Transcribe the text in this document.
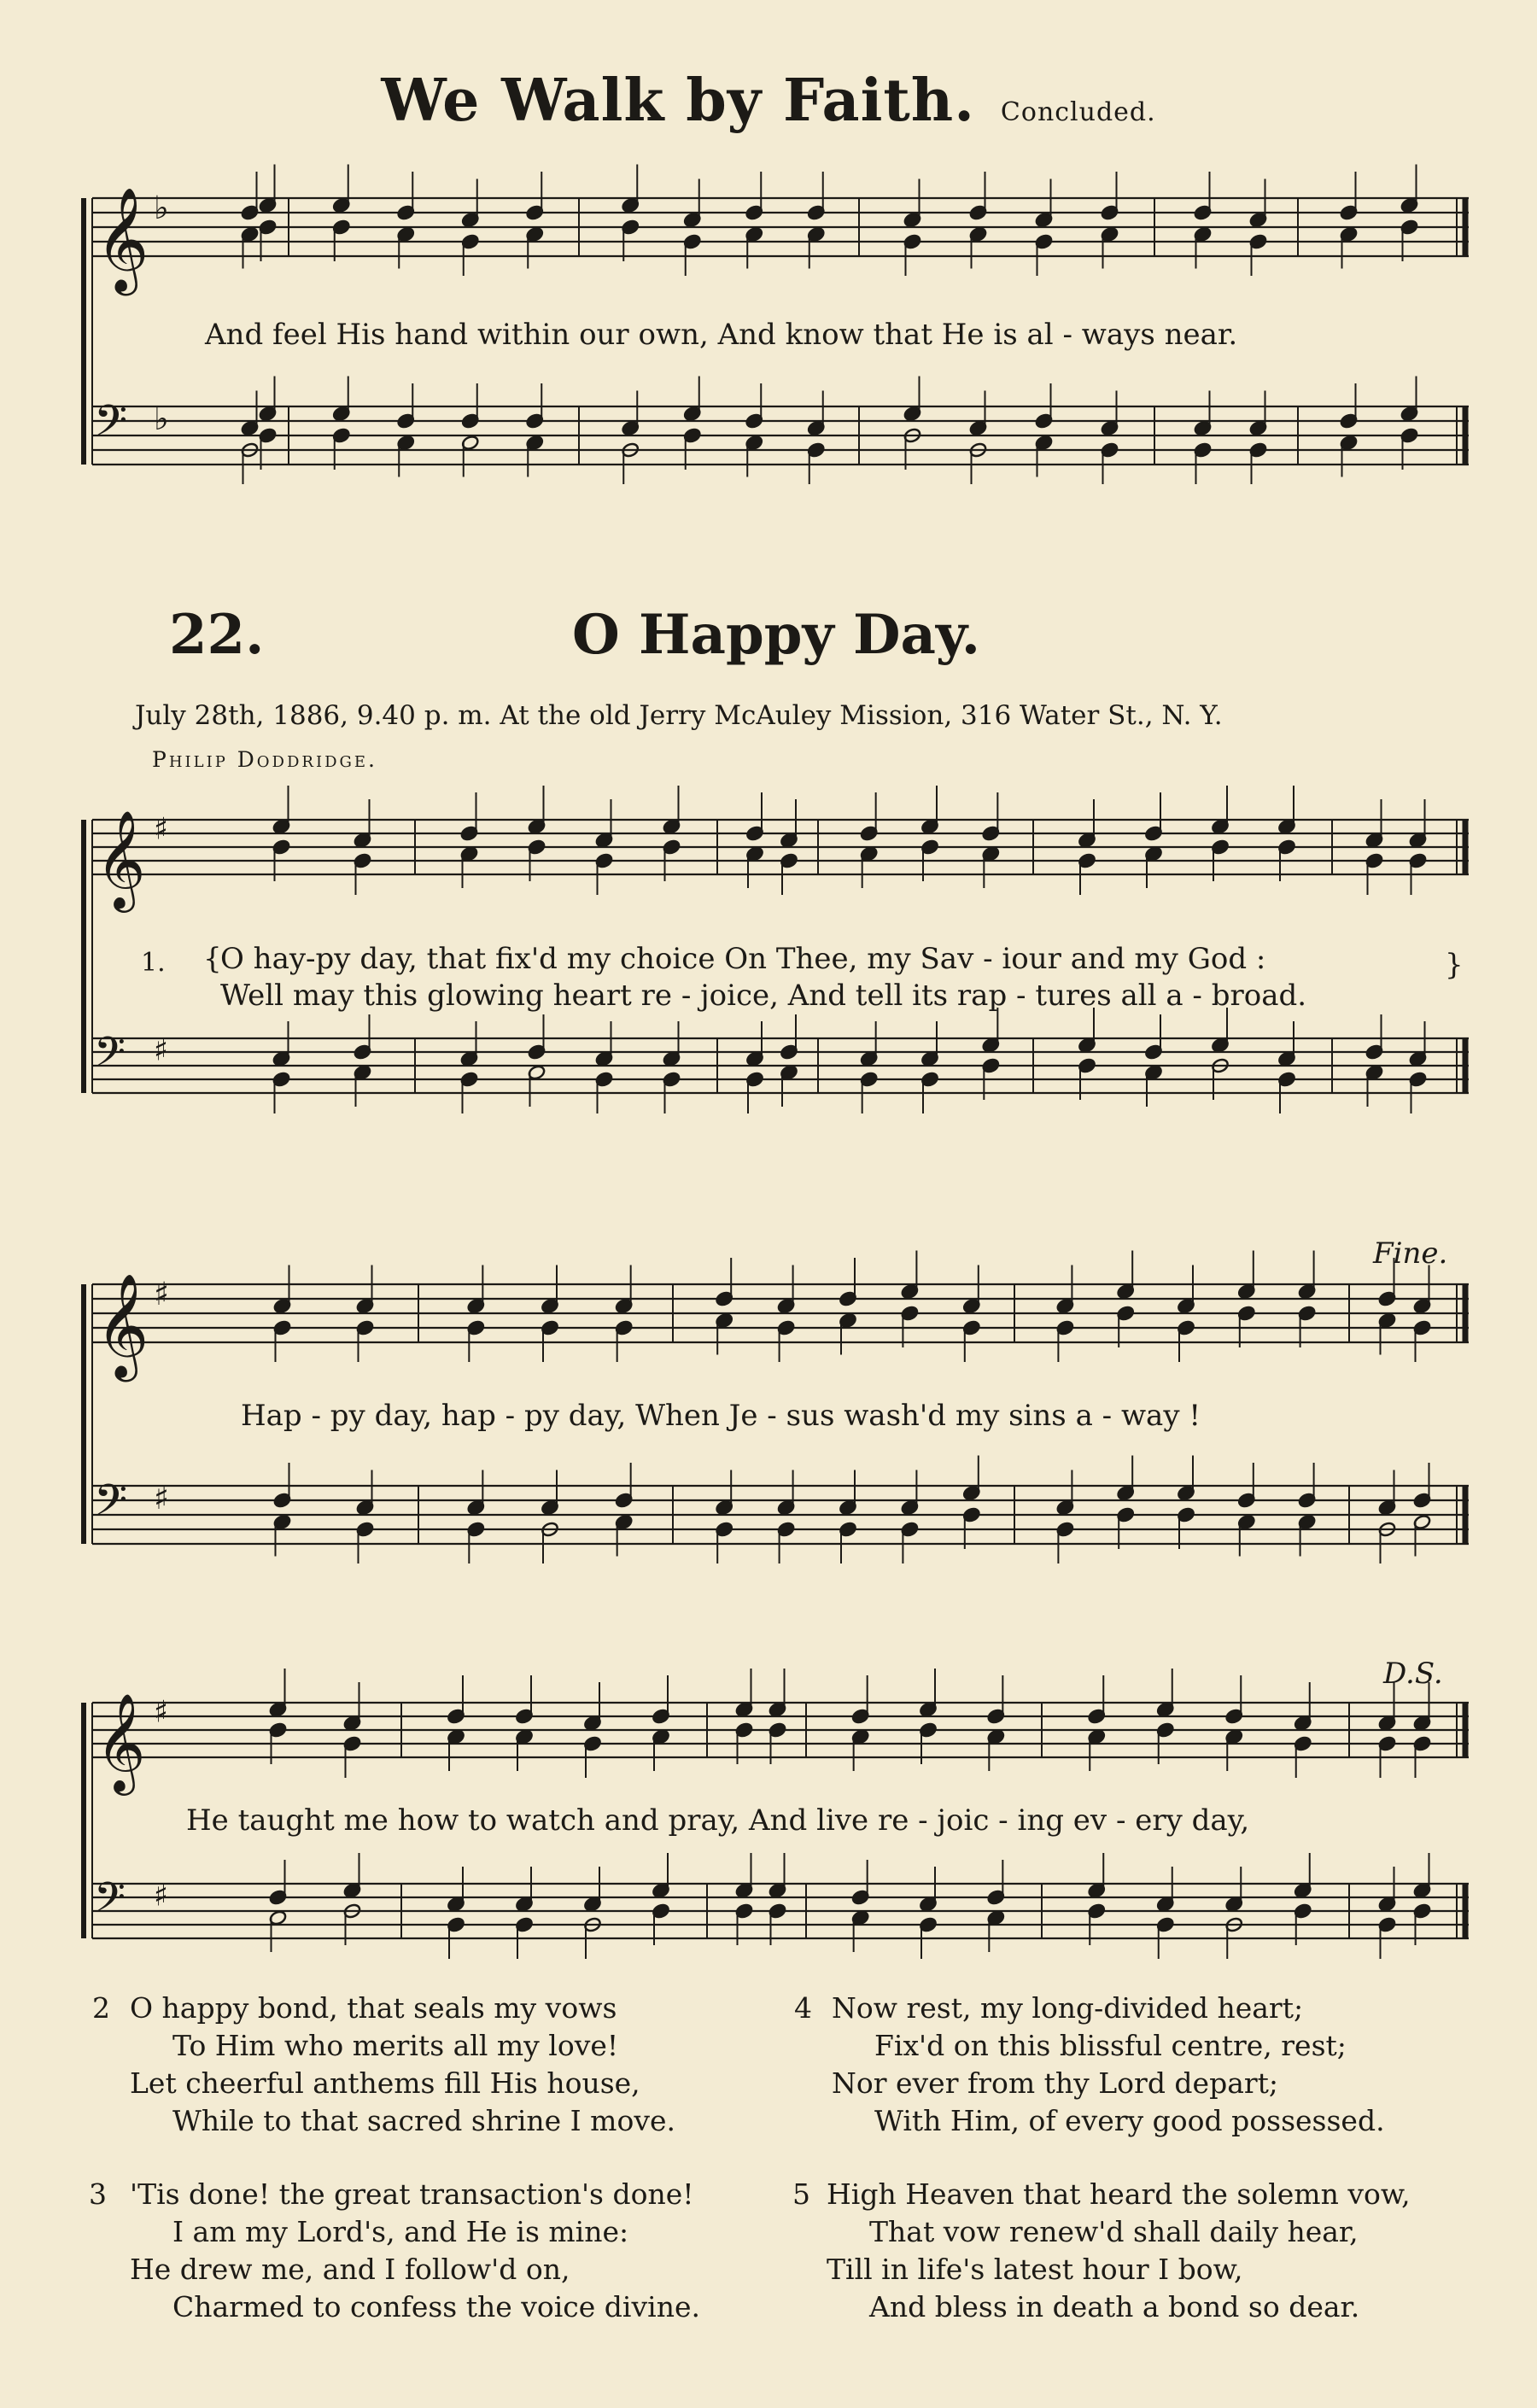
We Walk by Faith. Concluded.
𝄞
𝄢
♭
♭
𝄞
𝄢
♯
♯
𝄞
𝄢
♯
♯
𝄞
𝄢
♯
♯
And feel His hand within our own, And know that He is al - ways near.
22.	O Happy Day.
July 28th, 1886, 9.40 p. m. At the old Jerry McAuley Mission, 316 Water St., N. Y.
Philip Doddridge.
1. {
O hay-py day, that fix'd my choice On Thee, my Sav - iour and my God :
Well may this glowing heart re - joice, And tell its rap - tures all a - broad.
}
Fine.
Hap - py day, hap - py day, When Je - sus wash'd my sins a - way !
D.S.
He taught me how to watch and pray, And live re - joic - ing ev - ery day,
2 O happy bond, that seals my vows
To Him who merits all my love!
Let cheerful anthems fill His house,
While to that sacred shrine I move.
4 Now rest, my long-divided heart;
Fix'd on this blissful centre, rest;
Nor ever from thy Lord depart;
With Him, of every good possessed.
3 'Tis done! the great transaction's done!
I am my Lord's, and He is mine:
He drew me, and I follow'd on,
Charmed to confess the voice divine.
5 High Heaven that heard the solemn vow,
That vow renew'd shall daily hear,
Till in life's latest hour I bow,
And bless in death a bond so dear.
